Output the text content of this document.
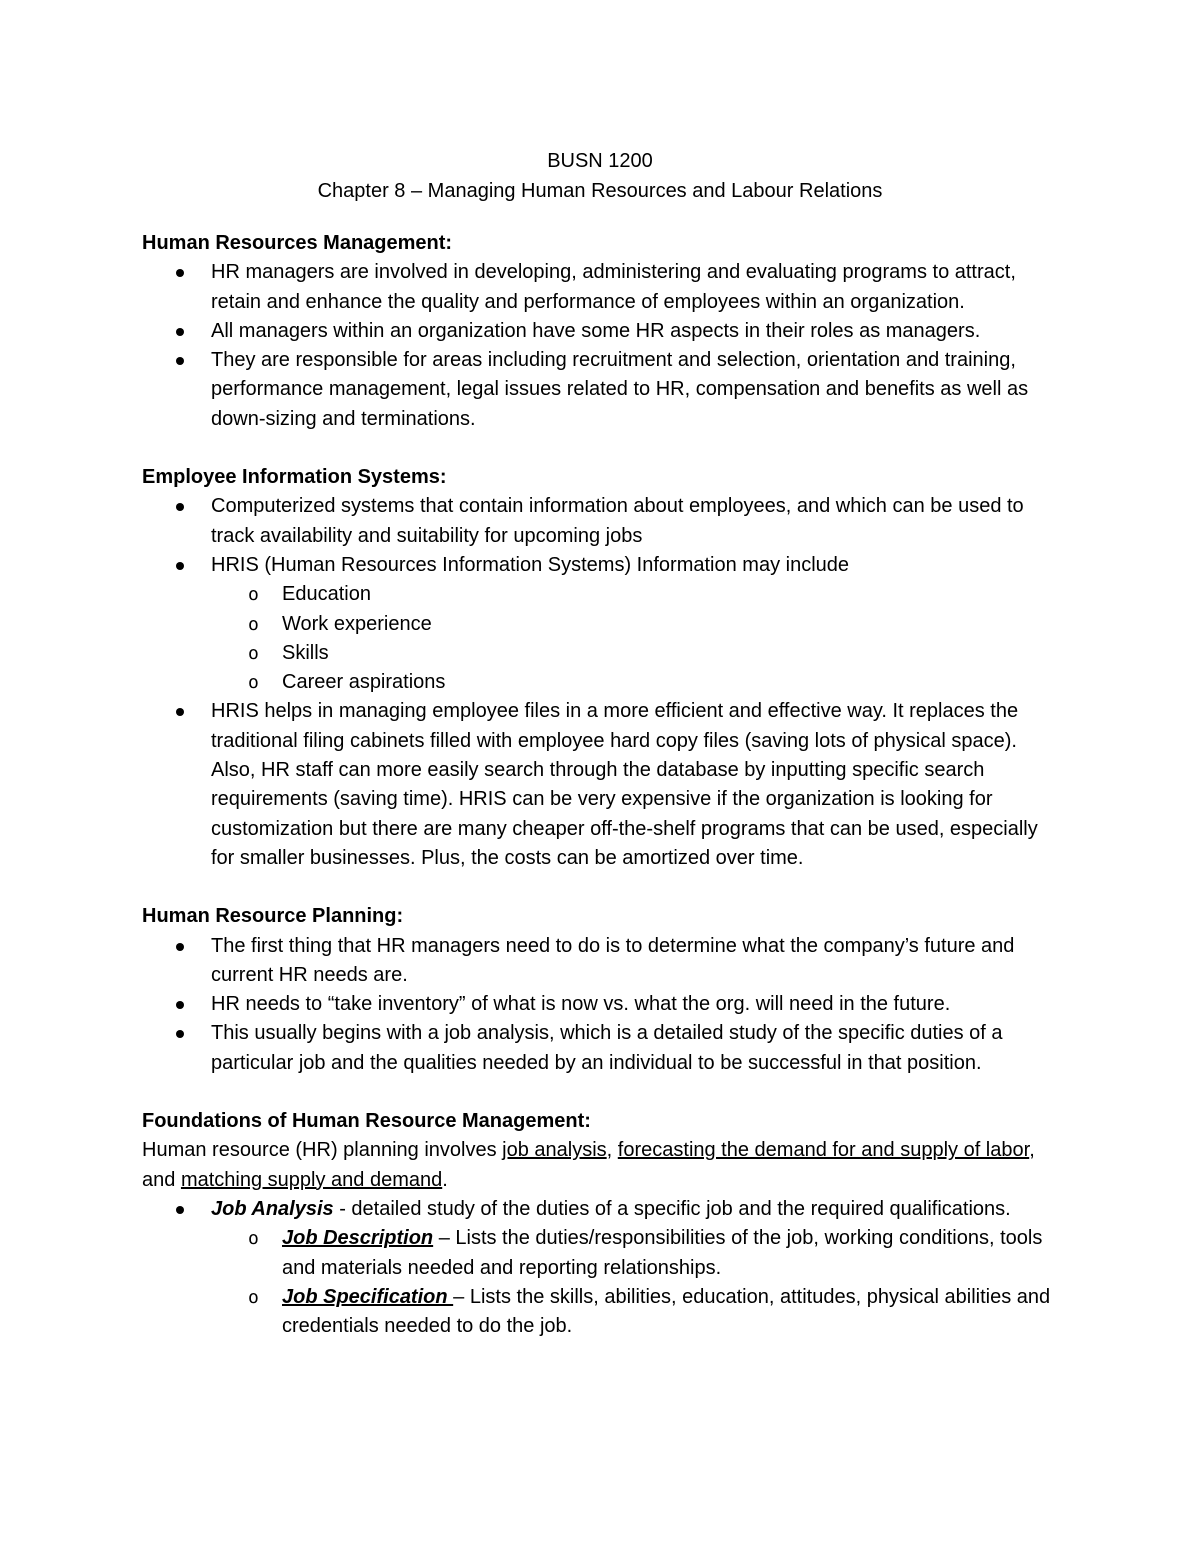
BUSN 1200
Chapter 8 – Managing Human Resources and Labour Relations

Human Resources Management:

HR managers are involved in developing, administering and evaluating programs to attract, retain and enhance the quality and performance of employees within an organization.
All managers within an organization have some HR aspects in their roles as managers.
They are responsible for areas including recruitment and selection, orientation and training, performance management, legal issues related to HR, compensation and benefits as well as down-sizing and terminations.

Employee Information Systems:

Computerized systems that contain information about employees, and which can be used to track availability and suitability for upcoming jobs
HRIS (Human Resources Information Systems) Information may include
o Education
o Work experience
o Skills
o Career aspirations
HRIS helps in managing employee files in a more efficient and effective way. It replaces the traditional filing cabinets filled with employee hard copy files (saving lots of physical space). Also, HR staff can more easily search through the database by inputting specific search requirements (saving time). HRIS can be very expensive if the organization is looking for customization but there are many cheaper off-the-shelf programs that can be used, especially for smaller businesses. Plus, the costs can be amortized over time.

Human Resource Planning:

The first thing that HR managers need to do is to determine what the company’s future and current HR needs are.
HR needs to “take inventory” of what is now vs. what the org. will need in the future.
This usually begins with a job analysis, which is a detailed study of the specific duties of a particular job and the qualities needed by an individual to be successful in that position.

Foundations of Human Resource Management:

Human resource (HR) planning involves job analysis, forecasting the demand for and supply of labor, and matching supply and demand.

Job Analysis - detailed study of the duties of a specific job and the required qualifications.
o Job Description – Lists the duties/responsibilities of the job, working conditions, tools and materials needed and reporting relationships.
o Job Specification – Lists the skills, abilities, education, attitudes, physical abilities and credentials needed to do the job.
